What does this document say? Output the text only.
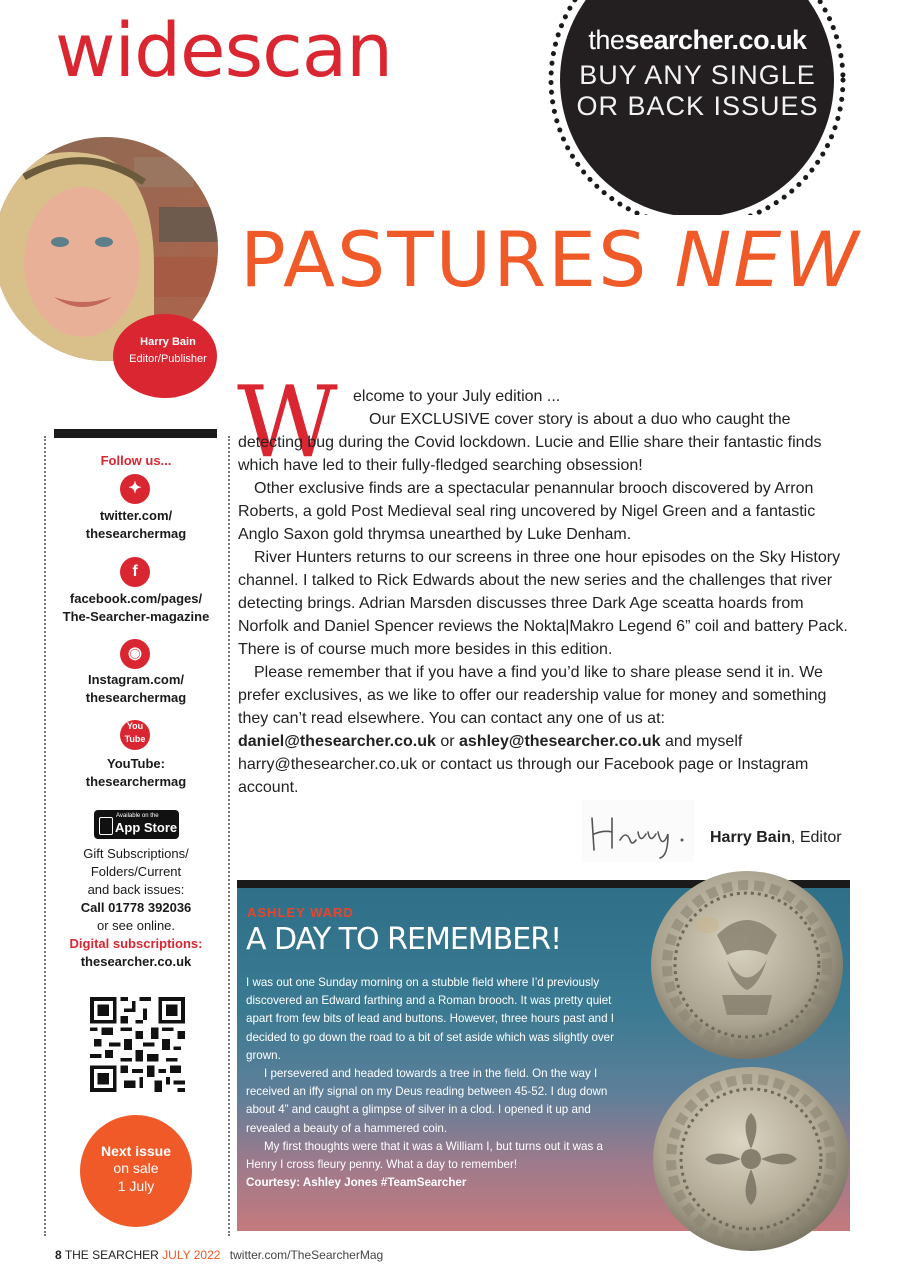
widescan	thesearcher.co.uk
BUY ANY SINGLE OR BACK ISSUES
Harry Bain
Editor/Publisher
PASTURES NEW
Follow us...
✦
twitter.com/
thesearchermag
f
facebook.com/pages/
The-Searcher-magazine
◉
Instagram.com/
thesearchermag
You
Tube
YouTube:
thesearchermag
Available on the
App Store
Gift Subscriptions/
Folders/Current
and back issues:
Call 01778 392036
or see online.
Digital subscriptions:
thesearcher.co.uk
Next issue
on sale
1 July
W elcome to your July edition ...

Our EXCLUSIVE cover story is about a duo who caught the detecting bug during the Covid lockdown. Lucie and Ellie share their fantastic finds which have led to their fully-fledged searching obsession!

Other exclusive finds are a spectacular penannular brooch discovered by Arron Roberts, a gold Post Medieval seal ring uncovered by Nigel Green and a fantastic Anglo Saxon gold thrymsa unearthed by Luke Denham.

River Hunters returns to our screens in three one hour episodes on the Sky History channel. I talked to Rick Edwards about the new series and the challenges that river detecting brings. Adrian Marsden discusses three Dark Age sceatta hoards from Norfolk and Daniel Spencer reviews the Nokta|Makro Legend 6” coil and battery Pack. There is of course much more besides in this edition.

Please remember that if you have a find you’d like to share please send it in. We prefer exclusives, as we like to offer our readership value for money and something they can’t read elsewhere. You can contact any one of us at: daniel@thesearcher.co.uk or ashley@thesearcher.co.uk and myself harry@thesearcher.co.uk or contact us through our Facebook page or Instagram account.

Harry Bain, Editor
ASHLEY WARD
A DAY TO REMEMBER!

I was out one Sunday morning on a stubble field where I’d previously discovered an Edward farthing and a Roman brooch. It was pretty quiet apart from few bits of lead and buttons. However, three hours past and I decided to go down the road to a bit of set aside which was slightly over grown.

I persevered and headed towards a tree in the field. On the way I received an iffy signal on my Deus reading between 45-52. I dug down about 4” and caught a glimpse of silver in a clod. I opened it up and revealed a beauty of a hammered coin.

My first thoughts were that it was a William I, but turns out it was a Henry I cross fleury penny. What a day to remember!

Courtesy: Ashley Jones #TeamSearcher

8 THE SEARCHER JULY 2022 twitter.com/TheSearcherMag
